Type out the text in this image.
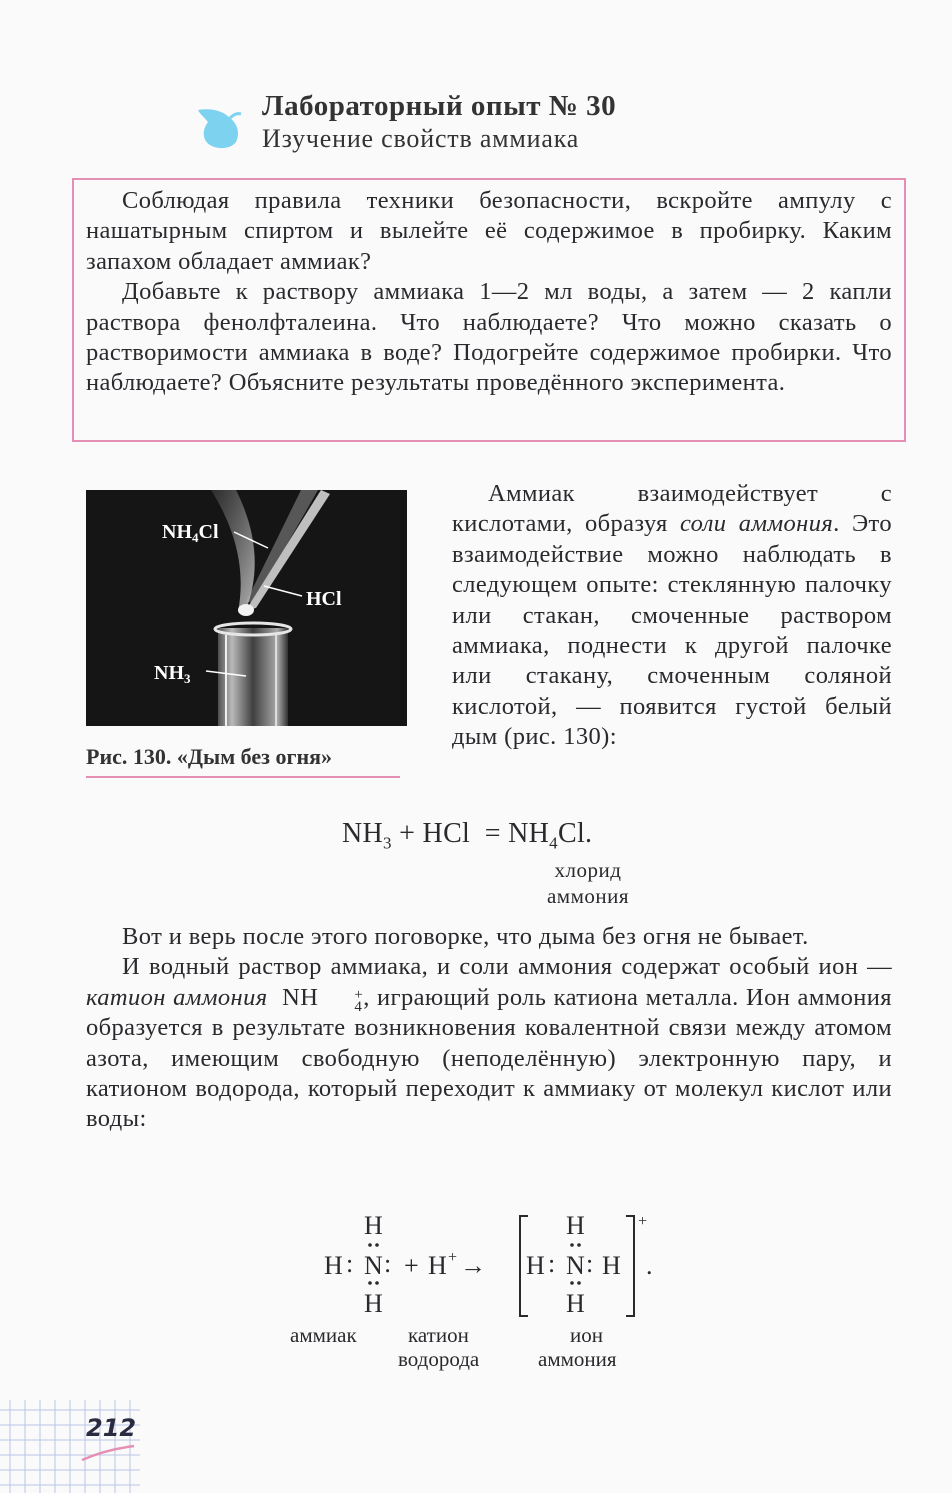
Лабораторный опыт № 30
Изучение свойств аммиака

Соблюдая правила техники безопасности, вскройте ампулу с нашатырным спиртом и вылейте её содержимое в пробирку. Каким запахом обладает аммиак?

Добавьте к раствору аммиака 1—2 мл воды, а затем — 2 капли раствора фенолфталеина. Что наблюдаете? Что можно сказать о растворимости аммиака в воде? Подогрейте содержимое пробирки. Что наблюдаете? Объясните результаты проведённого эксперимента.

$NH_4Cl$
HCl
$NH_3$
Рис. 130. «Дым без огня»

Аммиак взаимодействует с кислотами, образуя соли аммония. Это взаимодействие можно наблюдать в следующем опыте: стеклянную палочку или стакан, смоченные раствором аммиака, поднести к другой палочке или стакану, смоченным соляной кислотой, — появится густой белый дым (рис. 130):

$NH_3$ + HCl  = $NH_4Cl$.
хлорид
аммония

Вот и верь после этого поговорке, что дыма без огня не бывает.

И водный раствор аммиака, и соли аммония содержат особый ион — катион аммония NH	+
4 , играющий роль катиона металла. Ион аммония образуется в результате возникновения ковалентной связи между атомом азота, имеющим свободную (неподелённую) электронную пару, и катионом водорода, который переходит к аммиаку от молекул кислот или воды:

H
H : N :
H
+ H + →
+
.
H
H : N : H
H
аммиак катион
водорода
ион
аммония
212
